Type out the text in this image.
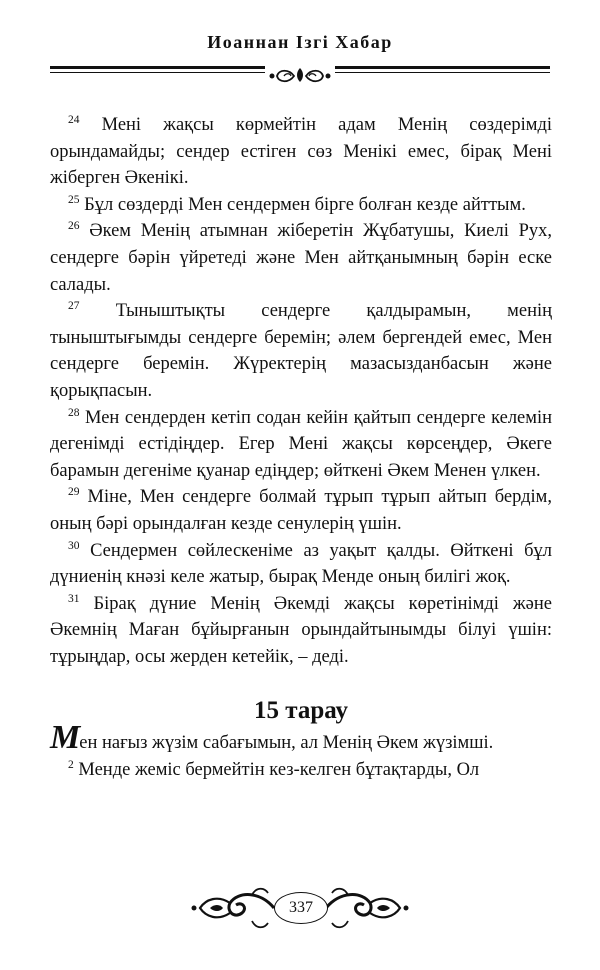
Иоаннан Ізгі Хабар

$^{24}$ Мені жақсы көрмейтін адам Менің сөздерімді орындамайды; сендер естіген сөз Менікі емес, бірақ Мені жіберген Әкенікі.

$^{25}$ Бұл сөздерді Мен сендермен бірге болған кезде айттым.

$^{26}$ Әкем Менің атымнан жіберетін Жұбатушы, Киелі Рух, сендерге бәрін үйретеді және Мен айтқанымның бәрін еске салады.

$^{27}$ Тыныштықты сендерге қалдырамын, менің тыныштығымды сендерге беремін; әлем бергендей емес, Мен сендерге беремін. Жүректерің мазасызданбасын және қорықпасын.

$^{28}$ Мен сендерден кетіп содан кейін қайтып сендерге келемін дегенімді естідіңдер. Егер Мені жақсы көрсеңдер, Әкеге барамын дегеніме қуанар едіңдер; өйткені Әкем Менен үлкен.

$^{29}$ Міне, Мен сендерге болмай тұрып тұрып айтып бердім, оның бәрі орындалған кезде сенулерің үшін.

$^{30}$ Сендермен сөйлескеніме аз уақыт қалды. Өйткені бұл дүниенің кнәзі келе жатыр, бырақ Менде оның билігі жоқ.

$^{31}$ Бірақ дүние Менің Әкемді жақсы көретінімді және Әкемнің Маған бұйырғанын орындайтынымды білуі үшін: тұрыңдар, осы жерден кетейік, – деді.

15 тарау

Мен нағыз жүзім сабағымын, ал Менің Әкем жүзімші.

$^2$ Менде жеміс бермейтін кез-келген бұтақтарды, Ол

337
